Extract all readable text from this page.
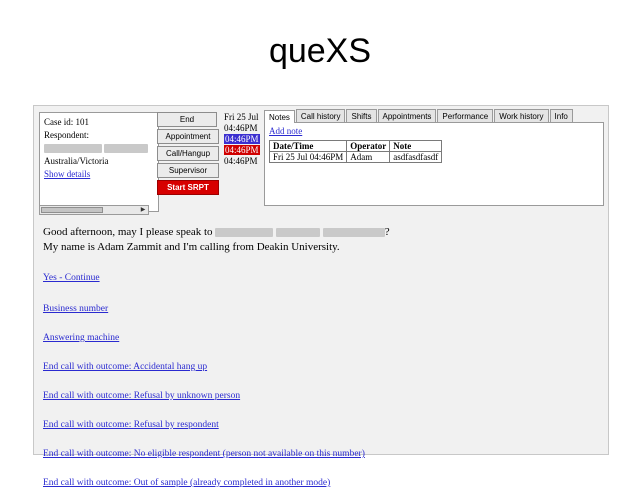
queXS
Case id: 101
Respondent:

Australia/Victoria
Show details
▶
End
Appointment
Call/Hangup
Supervisor
Start SRPT
Fri 25 Jul
04:46PM
04:46PM
04:46PM
04:46PM
Notes	Call history	Shifts	Appointments	Performance	Work history	Info
Add note
Date/Time	Operator	Note
Fri 25 Jul 04:46PM	Adam	asdfasdfasdf
Good afternoon, may I please speak to	?
My name is Adam Zammit and I'm calling from Deakin University.
Yes - Continue
Business number
Answering machine
End call with outcome: Accidental hang up
End call with outcome: Refusal by unknown person
End call with outcome: Refusal by respondent
End call with outcome: No eligible respondent (person not available on this number)
End call with outcome: Out of sample (already completed in another mode)
